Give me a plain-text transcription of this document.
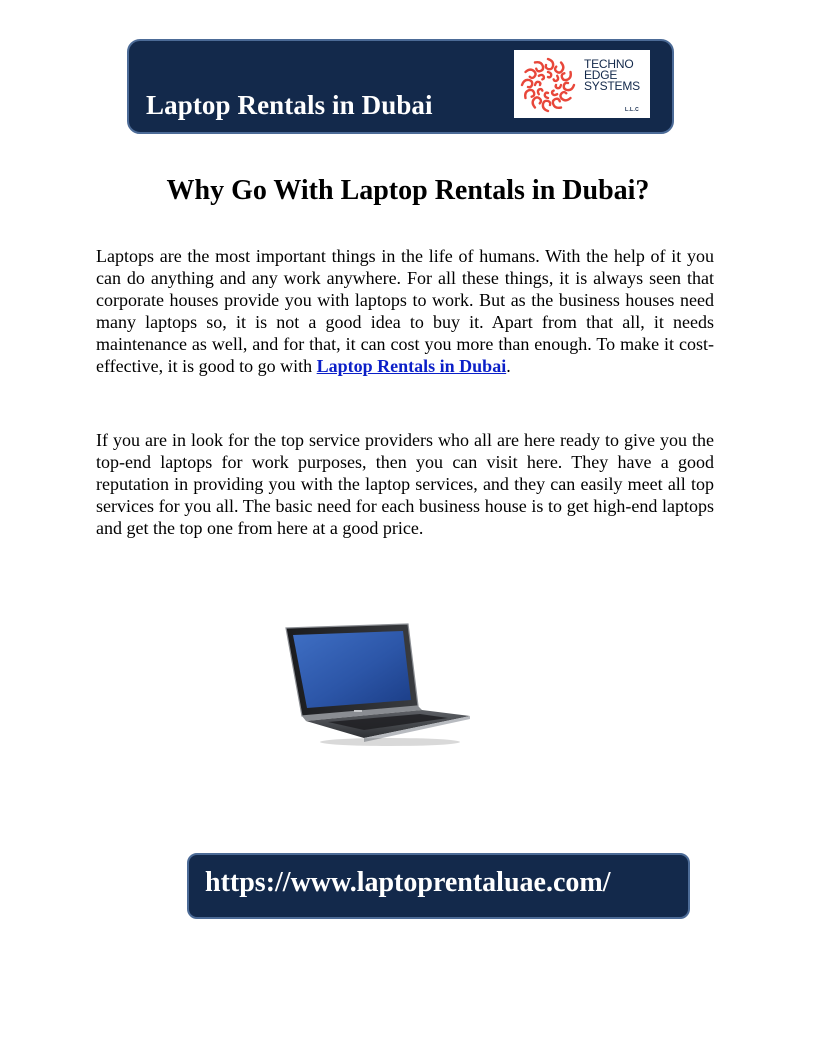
Laptop Rentals in Dubai
TECHNO
EDGE
SYSTEMS
L.L.C
Why Go With Laptop Rentals in Dubai?

Laptops are the most important things in the life of humans. With the help of it you can do anything and any work anywhere. For all these things, it is always seen that corporate houses provide you with laptops to work. But as the business houses need many laptops so, it is not a good idea to buy it. Apart from that all, it needs maintenance as well, and for that, it can cost you more than enough. To make it cost-effective, it is good to go with Laptop Rentals in Dubai.

If you are in look for the top service providers who all are here ready to give you the top-end laptops for work purposes, then you can visit here. They have a good reputation in providing you with the laptop services, and they can easily meet all top services for you all. The basic need for each business house is to get high-end laptops and get the top one from here at a good price.

https://www.laptoprentaluae.com/
